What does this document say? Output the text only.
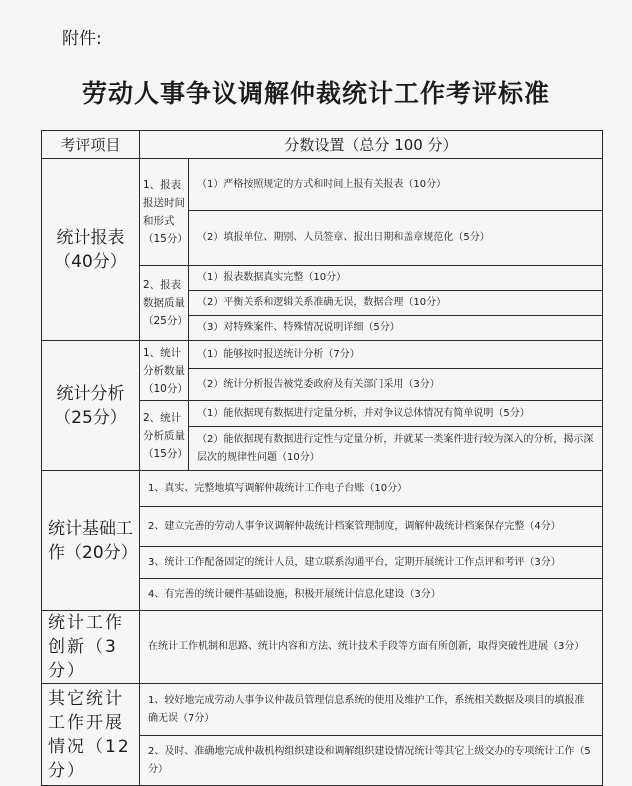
附件:
劳动人事争议调解仲裁统计工作考评标准
考评项目	分数设置（总分 100 分）	
统计报表（40分）	1、报表报送时间和形式（15分）	（1）严格按照规定的方式和时间上报有关报表（10分）
		（2）填报单位、期别、人员签章、报出日期和盖章规范化（5分）
	2、报表数据质量（25分）	（1）报表数据真实完整（10分）
		（2）平衡关系和逻辑关系准确无误，数据合理（10分）
		（3）对特殊案件、特殊情况说明详细（5分）
统计分析（25分）	1、统计分析数量（10分）	（1）能够按时报送统计分析（7分）
		（2）统计分析报告被党委政府及有关部门采用（3分）
	2、统计分析质量（15分）	（1）能依据现有数据进行定量分析，并对争议总体情况有简单说明（5分）
		（2）能依据现有数据进行定性与定量分析，并就某一类案件进行较为深入的分析，揭示深层次的规律性问题（10分）
统计基础工作（20分）	1、真实、完整地填写调解仲裁统计工作电子台账（10分）	
	2、建立完善的劳动人事争议调解仲裁统计档案管理制度，调解仲裁统计档案保存完整（4分）	
	3、统计工作配备固定的统计人员，建立联系沟通平台，定期开展统计工作点评和考评（3分）	
	4、有完善的统计硬件基础设施，积极开展统计信息化建设（3分）	
统计工作创新（3分）	在统计工作机制和思路、统计内容和方法、统计技术手段等方面有所创新，取得突破性进展（3分）	
其它统计工作开展情况（12分）	1、较好地完成劳动人事争议仲裁员管理信息系统的使用及维护工作，系统相关数据及项目的填报准确无误（7分）	
	2、及时、准确地完成仲裁机构组织建设和调解组织建设情况统计等其它上级交办的专项统计工作（5分）	
